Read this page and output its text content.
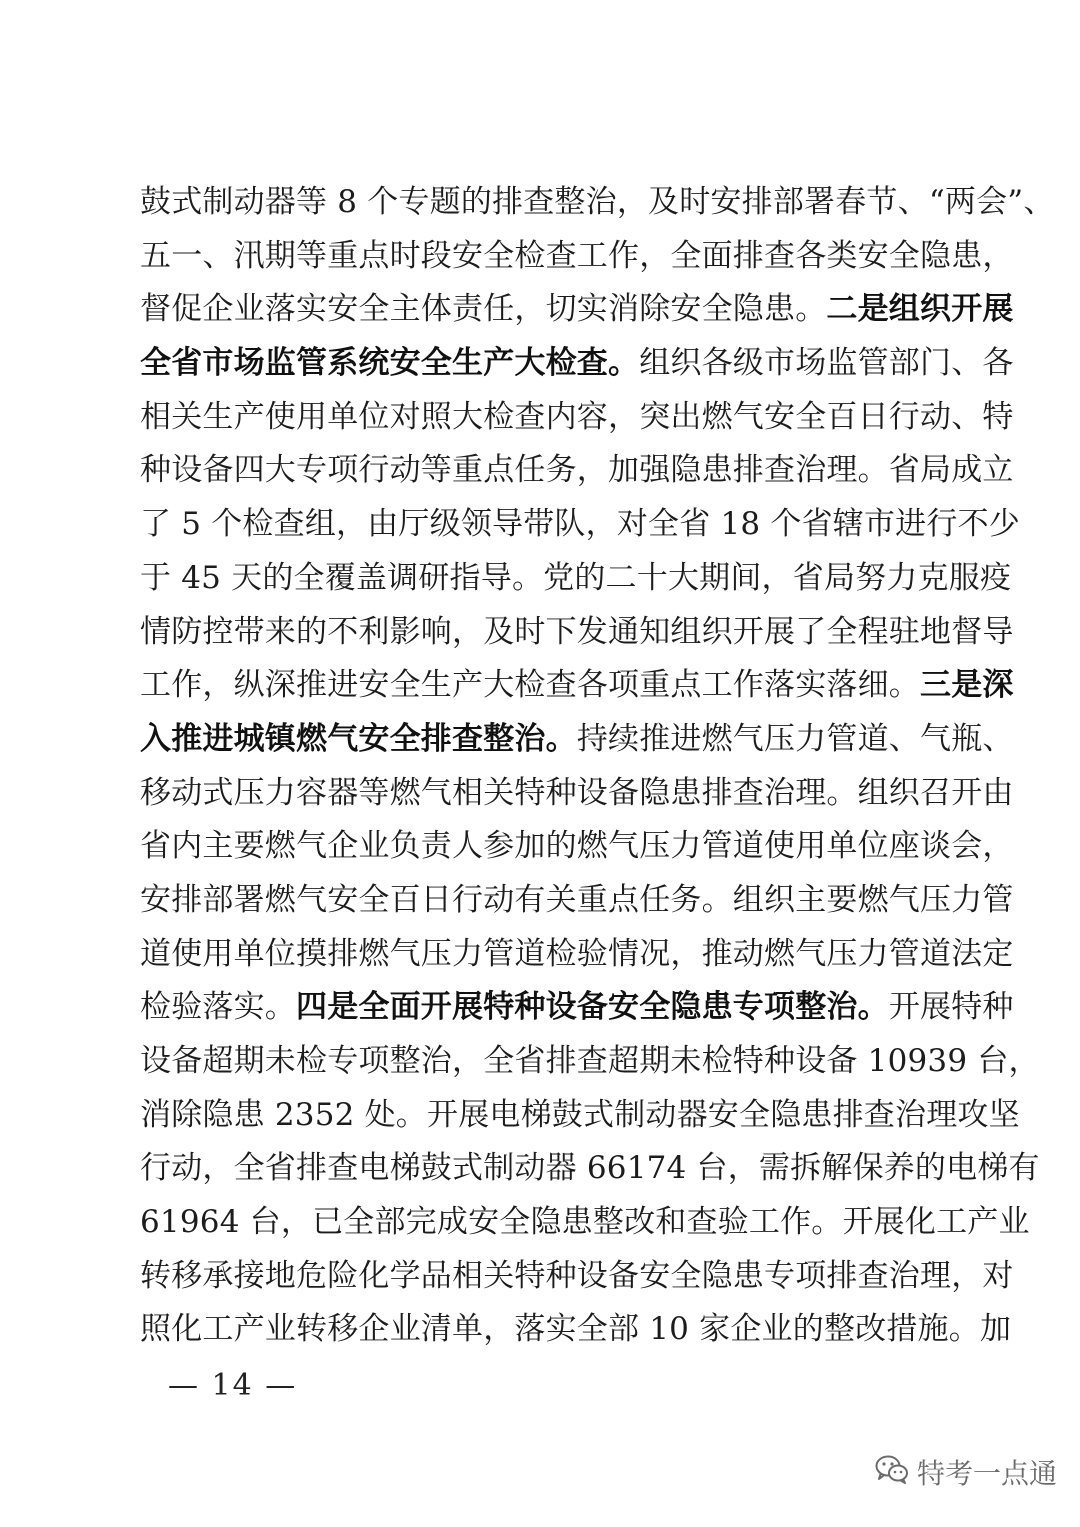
鼓式制动器等 8 个专题的排查整治，及时安排部署春节、“两会”、
五一、汛期等重点时段安全检查工作，全面排查各类安全隐患，
督促企业落实安全主体责任，切实消除安全隐患。二是组织开展
全省市场监管系统安全生产大检查。组织各级市场监管部门、各
相关生产使用单位对照大检查内容，突出燃气安全百日行动、特
种设备四大专项行动等重点任务，加强隐患排查治理。省局成立
了 5 个检查组，由厅级领导带队，对全省 18 个省辖市进行不少
于 45 天的全覆盖调研指导。党的二十大期间，省局努力克服疫
情防控带来的不利影响，及时下发通知组织开展了全程驻地督导
工作，纵深推进安全生产大检查各项重点工作落实落细。三是深
入推进城镇燃气安全排查整治。持续推进燃气压力管道、气瓶、
移动式压力容器等燃气相关特种设备隐患排查治理。组织召开由
省内主要燃气企业负责人参加的燃气压力管道使用单位座谈会，
安排部署燃气安全百日行动有关重点任务。组织主要燃气压力管
道使用单位摸排燃气压力管道检验情况，推动燃气压力管道法定
检验落实。四是全面开展特种设备安全隐患专项整治。开展特种
设备超期未检专项整治，全省排查超期未检特种设备 10939 台，
消除隐患 2352 处。开展电梯鼓式制动器安全隐患排查治理攻坚
行动，全省排查电梯鼓式制动器 66174 台，需拆解保养的电梯有
61964 台，已全部完成安全隐患整改和查验工作。开展化工产业
转移承接地危险化学品相关特种设备安全隐患专项排查治理，对
照化工产业转移企业清单，落实全部 10 家企业的整改措施。加
— 14 —
特考一点通
